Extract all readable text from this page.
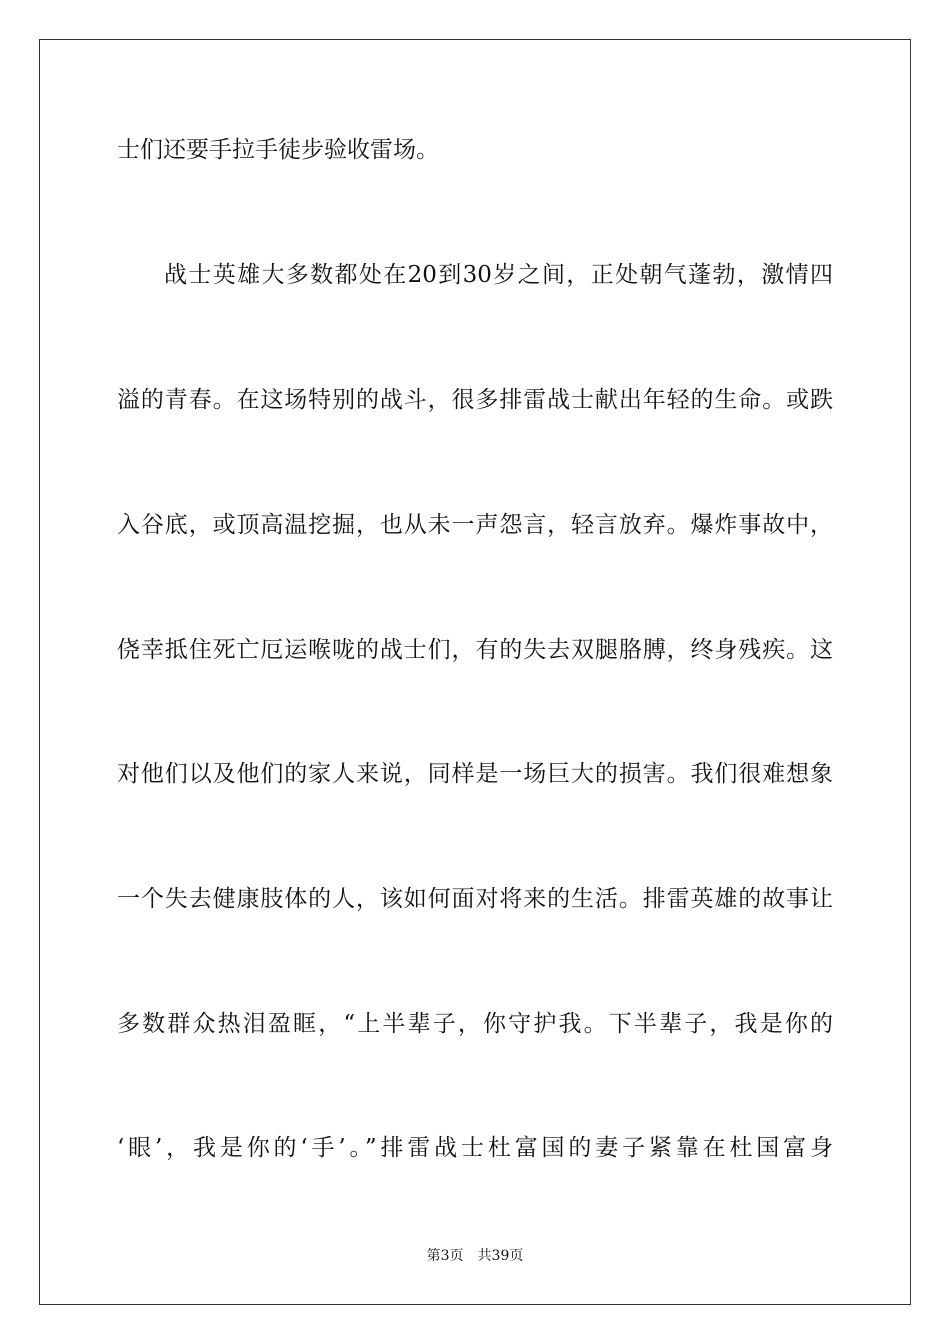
士们还要手拉手徒步验收雷场。
战士英雄大多数都处在20到30岁之间，正处朝气蓬勃，激情四
溢的青春。在这场特别的战斗，很多排雷战士献出年轻的生命。或跌
入谷底，或顶高温挖掘，也从未一声怨言，轻言放弃。爆炸事故中，
侥幸抵住死亡厄运喉咙的战士们，有的失去双腿胳膊，终身残疾。这
对他们以及他们的家人来说，同样是一场巨大的损害。我们很难想象
一个失去健康肢体的人，该如何面对将来的生活。排雷英雄的故事让
多数群众热泪盈眶，“上半辈子，你守护我。下半辈子，我是你的
‘眼’，我是你的‘手’。”排雷战士杜富国的妻子紧靠在杜国富身
第3页 共39页
